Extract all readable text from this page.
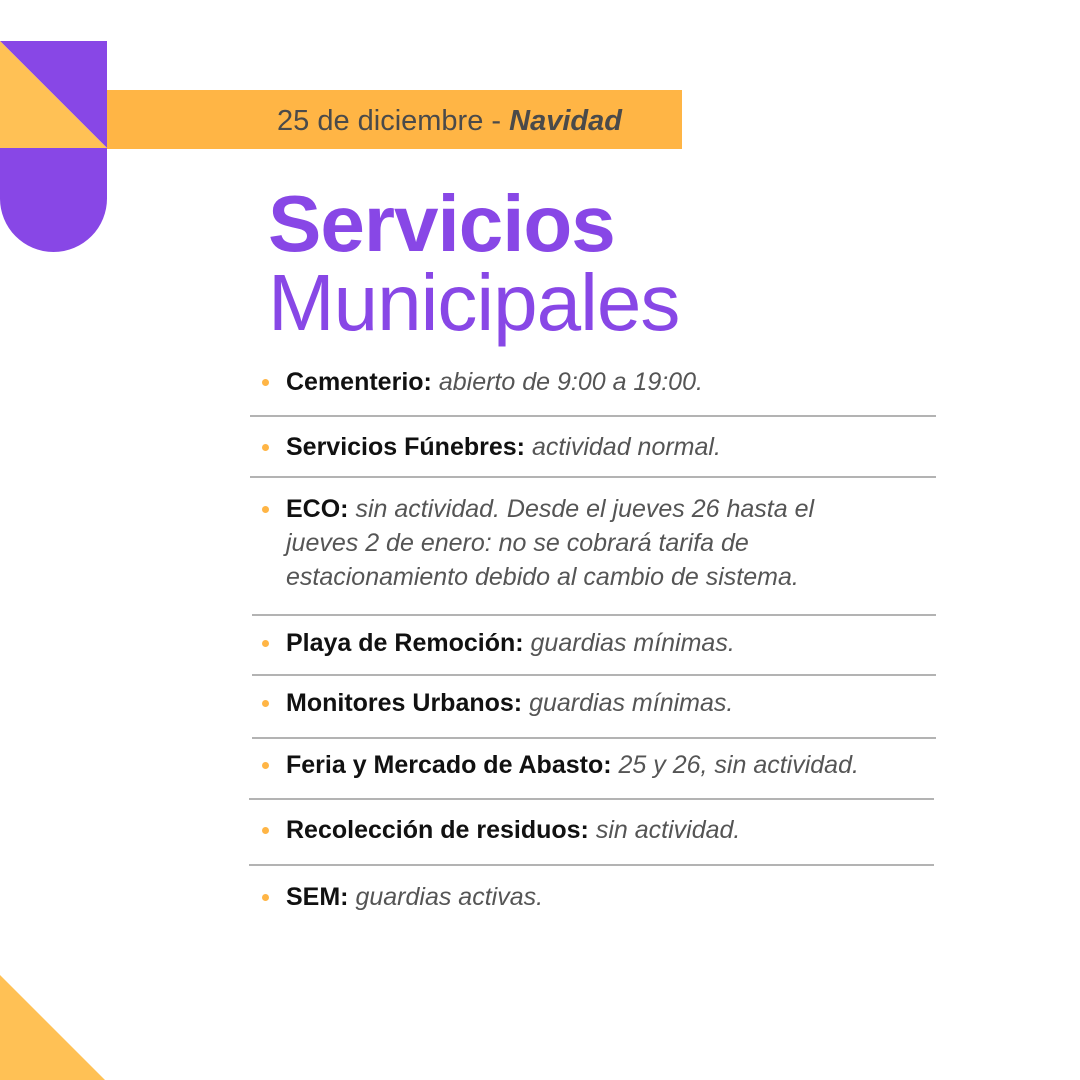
25 de diciembre - Navidad
Servicios
Municipales
Cementerio: abierto de 9:00 a 19:00.
Servicios Fúnebres: actividad normal.
ECO: sin actividad. Desde el jueves 26 hasta el jueves 2 de enero: no se cobrará tarifa de estacionamiento debido al cambio de sistema.
Playa de Remoción: guardias mínimas.
Monitores Urbanos: guardias mínimas.
Feria y Mercado de Abasto: 25 y 26, sin actividad.
Recolección de residuos: sin actividad.
SEM: guardias activas.
